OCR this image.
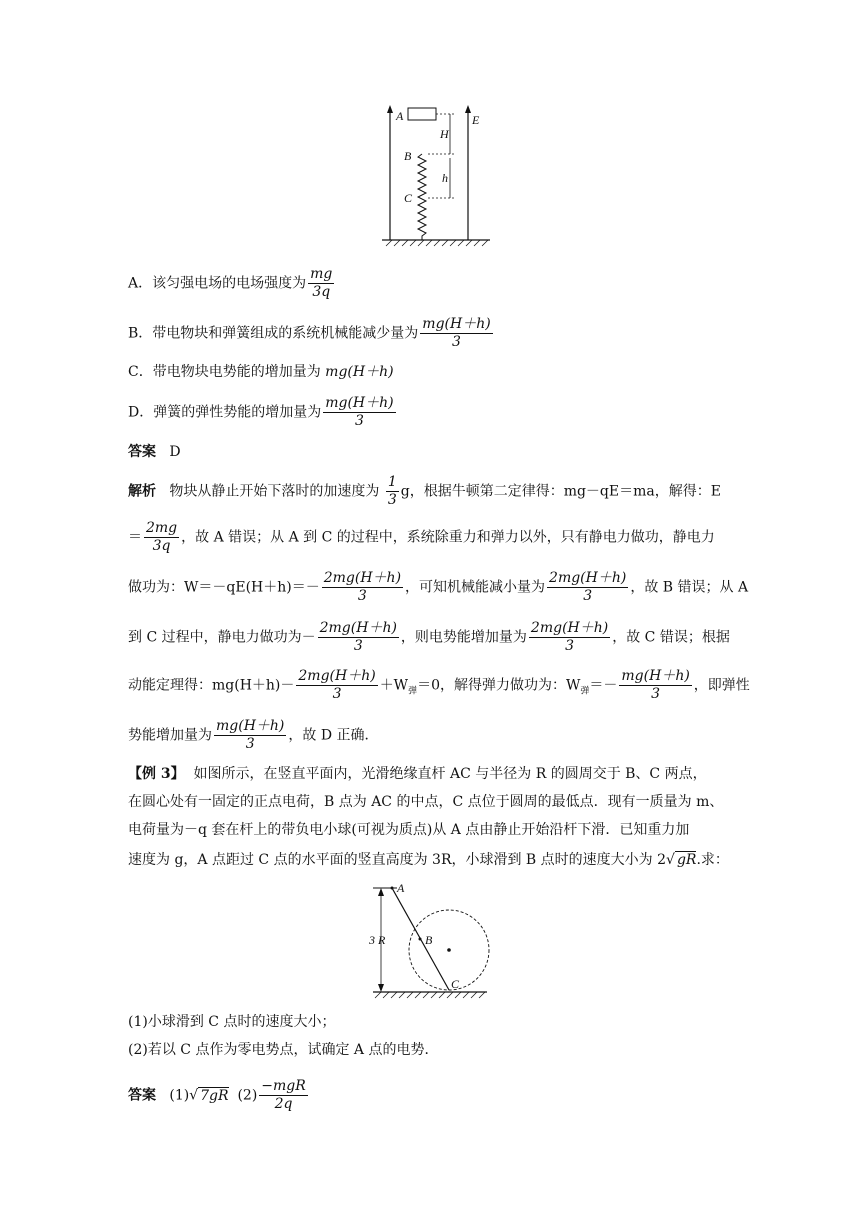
A
H
E
h
B
C
A．该匀强电场的电场强度为 $\frac{mg}{3q}$
B．带电物块和弹簧组成的系统机械能减少量为 $\frac{mg(H+h)}{3}$
C．带电物块电势能的增加量为 mg(H＋h)
D．弹簧的弹性势能的增加量为 $\frac{mg(H+h)}{3}$
答案 D
解析 物块从静止开始下落时的加速度为 $\frac{1}{3}$ g，根据牛顿第二定律得：mg－qE＝ma，解得：E
＝ $\frac{2mg}{3q}$ ，故 A 错误；从 A 到 C 的过程中，系统除重力和弹力以外，只有静电力做功，静电力
做功为：$W=-qE(H+h)=- \frac{2mg(H+h)}{3}$ ，可知机械能减小量为 $\frac{2mg(H+h)}{3}$ ，故 B 错误；从 A
到 C 过程中，静电力做功为－ $\frac{2mg(H+h)}{3}$ ，则电势能增加量为 $\frac{2mg(H+h)}{3}$ ，故 C 错误；根据
动能定理得：$mg(H+h)- \frac{2mg(H+h)}{3} +W_弹=0$，解得弹力做功为：$W_弹=- \frac{mg(H+h)}{3}$ ，即弹性
势能增加量为 $\frac{mg(H+h)}{3}$ ，故 D 正确．
【例 3】 如图所示，在竖直平面内，光滑绝缘直杆 AC 与半径为 R 的圆周交于 B、C 两点，
在圆心处有一固定的正点电荷，B 点为 AC 的中点，C 点位于圆周的最低点．现有一质量为 m、
电荷量为－q 套在杆上的带负电小球(可视为质点)从 A 点由静止开始沿杆下滑．已知重力加
速度为 g，A 点距过 C 点的水平面的竖直高度为 3R，小球滑到 B 点时的速度大小为 2√ gR.求：
3 R
A
B
C
(1)小球滑到 C 点时的速度大小；
(2)若以 C 点作为零电势点，试确定 A 点的电势．
答案 (1)√ 7gR $(2) \frac{\text{−mgR}}{2q}$
